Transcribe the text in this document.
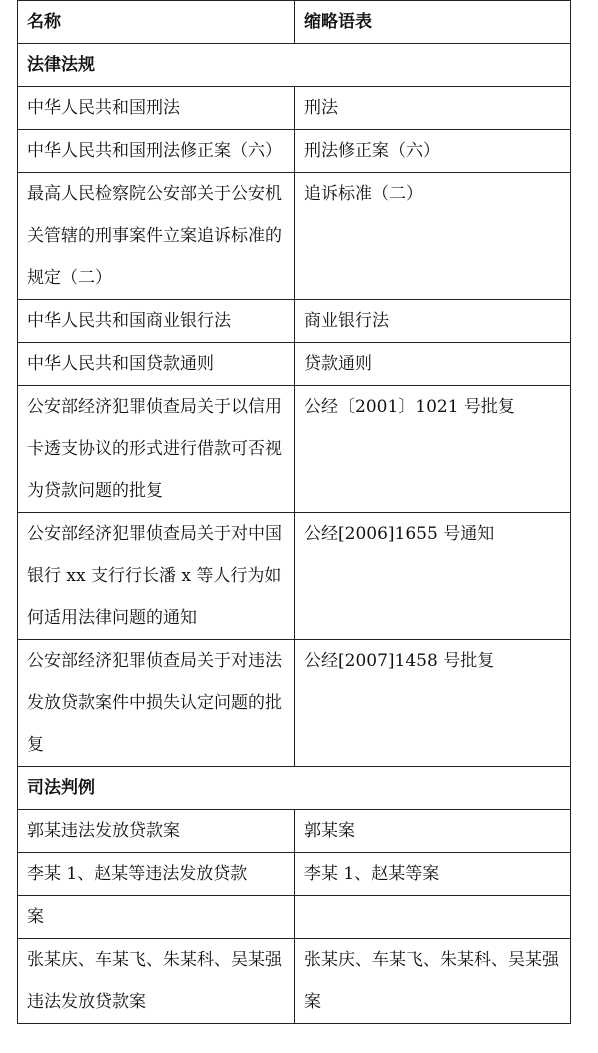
名称	缩略语表
法律法规	
中华人民共和国刑法	刑法
中华人民共和国刑法修正案（六）	刑法修正案（六）
最高人民检察院公安部关于公安机关管辖的刑事案件立案追诉标准的规定（二）	追诉标准（二）
中华人民共和国商业银行法	商业银行法
中华人民共和国贷款通则	贷款通则
公安部经济犯罪侦查局关于以信用卡透支协议的形式进行借款可否视为贷款问题的批复	公经〔2001〕1021 号批复
公安部经济犯罪侦查局关于对中国银行 xx 支行行长潘 x 等人行为如何适用法律问题的通知	公经[2006]1655 号通知
公安部经济犯罪侦查局关于对违法发放贷款案件中损失认定问题的批复	公经[2007]1458 号批复
司法判例	
郭某违法发放贷款案	郭某案
李某 1、赵某等违法发放贷款	李某 1、赵某等案
案	
张某庆、车某飞、朱某科、吴某强违法发放贷款案	张某庆、车某飞、朱某科、吴某强案
